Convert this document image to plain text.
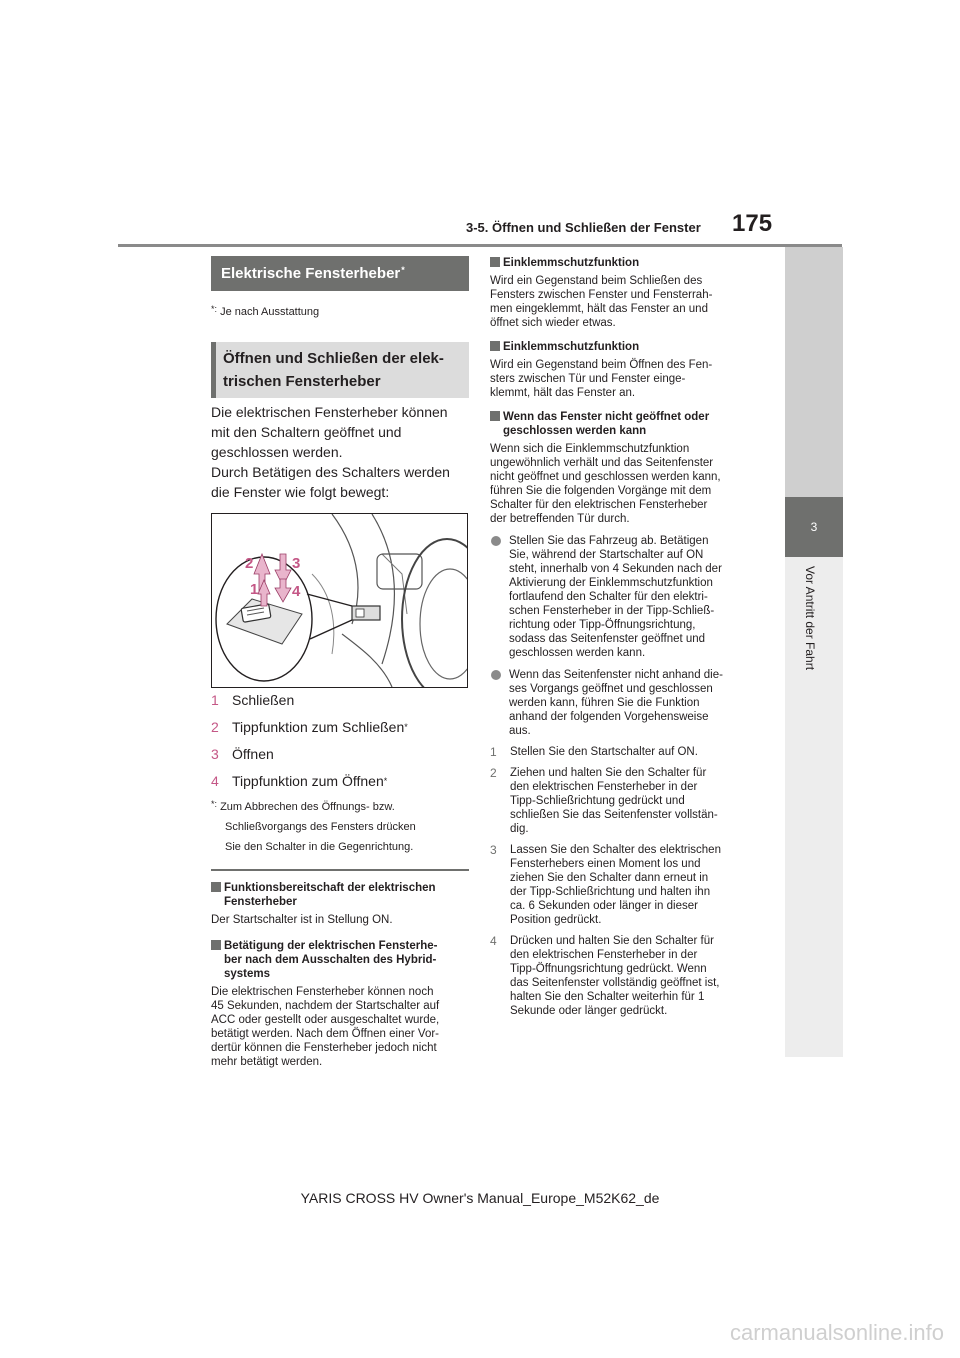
3-5. Öffnen und Schließen der Fenster 175
3
Vor Antritt der Fahrt
Elektrische Fensterheber*
*: Je nach Ausstattung
Öffnen und Schließen der elek-
trischen Fensterheber
Die elektrischen Fensterheber können
mit den Schaltern geöffnet und
geschlossen werden.
Durch Betätigen des Schalters werden
die Fenster wie folgt bewegt:
2
1
3
4
1 Schließen
2 Tippfunktion zum Schließen*
3 Öffnen
4 Tippfunktion zum Öffnen*
*: Zum Abbrechen des Öffnungs- bzw.
Schließvorgangs des Fensters drücken
Sie den Schalter in die Gegenrichtung.
Funktionsbereitschaft der elektrischen
Fensterheber
Der Startschalter ist in Stellung ON.
Betätigung der elektrischen Fensterhe-
ber nach dem Ausschalten des Hybrid-
systems
Die elektrischen Fensterheber können noch
45 Sekunden, nachdem der Startschalter auf
ACC oder gestellt oder ausgeschaltet wurde,
betätigt werden. Nach dem Öffnen einer Vor-
dertür können die Fensterheber jedoch nicht
mehr betätigt werden.
Einklemmschutzfunktion
Wird ein Gegenstand beim Schließen des
Fensters zwischen Fenster und Fensterrah-
men eingeklemmt, hält das Fenster an und
öffnet sich wieder etwas.
Einklemmschutzfunktion
Wird ein Gegenstand beim Öffnen des Fen-
sters zwischen Tür und Fenster einge-
klemmt, hält das Fenster an.
Wenn das Fenster nicht geöffnet oder
geschlossen werden kann
Wenn sich die Einklemmschutzfunktion
ungewöhnlich verhält und das Seitenfenster
nicht geöffnet und geschlossen werden kann,
führen Sie die folgenden Vorgänge mit dem
Schalter für den elektrischen Fensterheber
der betreffenden Tür durch.
Stellen Sie das Fahrzeug ab. Betätigen
Sie, während der Startschalter auf ON
steht, innerhalb von 4 Sekunden nach der
Aktivierung der Einklemmschutzfunktion
fortlaufend den Schalter für den elektri-
schen Fensterheber in der Tipp-Schließ-
richtung oder Tipp-Öffnungsrichtung,
sodass das Seitenfenster geöffnet und
geschlossen werden kann.
Wenn das Seitenfenster nicht anhand die-
ses Vorgangs geöffnet und geschlossen
werden kann, führen Sie die Funktion
anhand der folgenden Vorgehensweise
aus.
1	Stellen Sie den Startschalter auf ON.
2	Ziehen und halten Sie den Schalter für
den elektrischen Fensterheber in der
Tipp-Schließrichtung gedrückt und
schließen Sie das Seitenfenster vollstän-
dig.
3	Lassen Sie den Schalter des elektrischen
Fensterhebers einen Moment los und
ziehen Sie den Schalter dann erneut in
der Tipp-Schließrichtung und halten ihn
ca. 6 Sekunden oder länger in dieser
Position gedrückt.
4	Drücken und halten Sie den Schalter für
den elektrischen Fensterheber in der
Tipp-Öffnungsrichtung gedrückt. Wenn
das Seitenfenster vollständig geöffnet ist,
halten Sie den Schalter weiterhin für 1
Sekunde oder länger gedrückt.
YARIS CROSS HV Owner's Manual_Europe_M52K62_de
carmanualsonline.info
